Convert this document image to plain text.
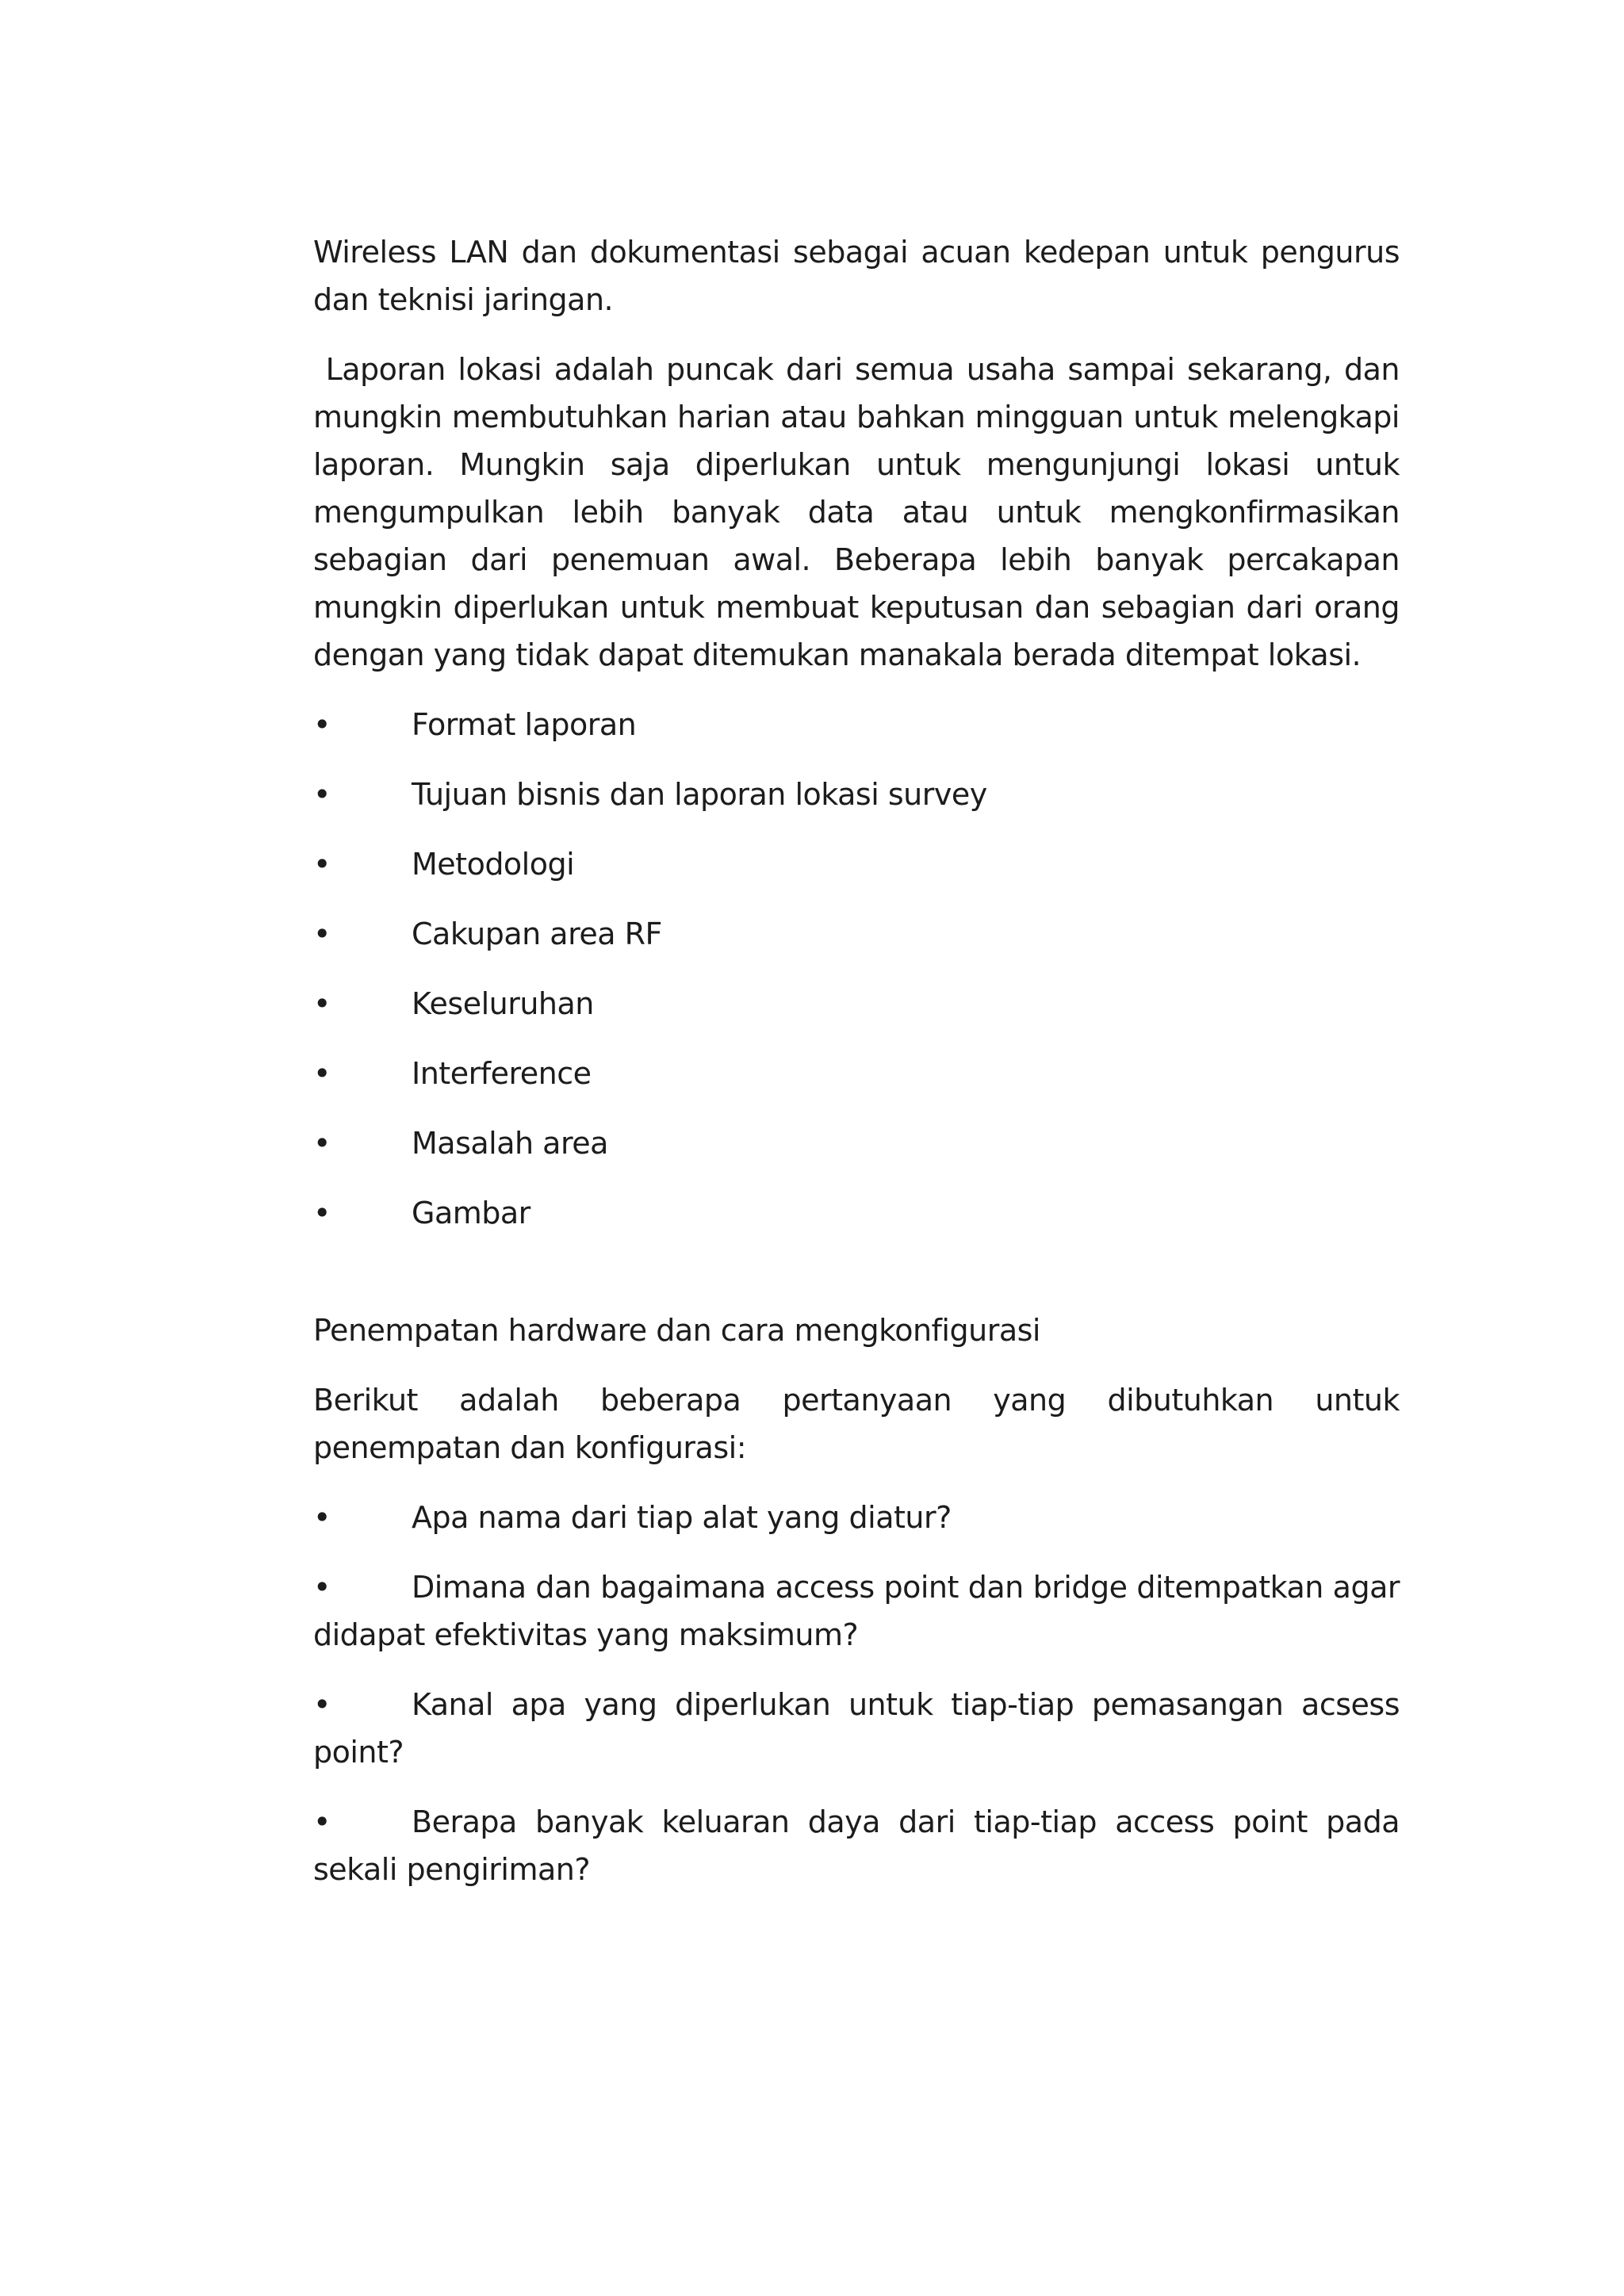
Wireless LAN dan dokumentasi sebagai acuan kedepan untuk pengurus dan teknisi jaringan.

Laporan lokasi adalah puncak dari semua usaha sampai sekarang, dan mungkin membutuhkan harian atau bahkan mingguan untuk melengkapi laporan. Mungkin saja diperlukan untuk mengunjungi lokasi untuk mengumpulkan lebih banyak data atau untuk mengkonfirmasikan sebagian dari penemuan awal. Beberapa lebih banyak percakapan mungkin diperlukan untuk membuat keputusan dan sebagian dari orang dengan yang tidak dapat ditemukan manakala berada ditempat lokasi.

•	Format laporan
•	Tujuan bisnis dan laporan lokasi survey
•	Metodologi
•	Cakupan area RF
•	Keseluruhan
•	Interference
•	Masalah area
•	Gambar

Penempatan hardware dan cara mengkonfigurasi

Berikut adalah beberapa pertanyaan yang dibutuhkan untuk penempatan dan konfigurasi:

•	Apa nama dari tiap alat yang diatur?

•	Dimana dan bagaimana access point dan bridge ditempatkan agar didapat efektivitas yang maksimum?

•	Kanal apa yang diperlukan untuk tiap-tiap pemasangan acsess point?

•	Berapa banyak keluaran daya dari tiap-tiap access point pada sekali pengiriman?
